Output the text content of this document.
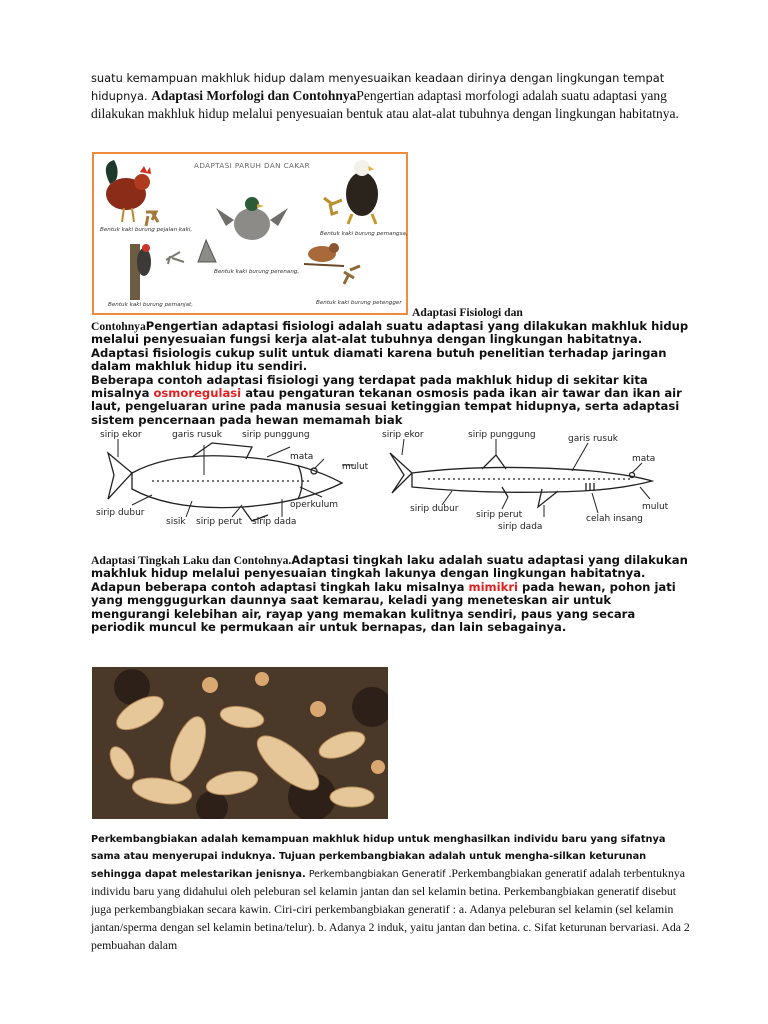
suatu kemampuan makhluk hidup dalam menyesuaikan keadaan dirinya dengan lingkungan tempat hidupnya. Adaptasi Morfologi dan ContohnyaPengertian adaptasi morfologi adalah suatu adaptasi yang dilakukan makhluk hidup melalui penyesuaian bentuk atau alat-alat tubuhnya dengan lingkungan habitatnya.
ADAPTASI PARUH DAN CAKAR
Bentuk kaki burung pejalan kaki,
Bentuk kaki burung pemangsa,
Bentuk kaki burung perenang,
Bentuk kaki burung pemanjat,	Bentuk kaki burung petengger
Adaptasi Fisiologi dan
ContohnyaPengertian adaptasi fisiologi adalah suatu adaptasi yang dilakukan makhluk hidup melalui penyesuaian fungsi kerja alat-alat tubuhnya dengan lingkungan habitatnya.
Adaptasi fisiologis cukup sulit untuk diamati karena butuh penelitian terhadap jaringan dalam makhluk hidup itu sendiri.
Beberapa contoh adaptasi fisiologi yang terdapat pada makhluk hidup di sekitar kita misalnya osmoregulasi atau pengaturan tekanan osmosis pada ikan air tawar dan ikan air laut, pengeluaran urine pada manusia sesuai ketinggian tempat hidupnya, serta adaptasi sistem pencernaan pada hewan memamah biak
garis rusuk sirip punggung
sirip ekor
mata
mulut
sirip dubur
operkulum
sisik sirip perut sirip dada
sirip ekor	sirip punggung	garis rusuk
mata
mulut
sirip dubur
sirip perut
sirip dada
celah insang
Adaptasi Tingkah Laku dan Contohnya.Adaptasi tingkah laku adalah suatu adaptasi yang dilakukan makhluk hidup melalui penyesuaian tingkah lakunya dengan lingkungan habitatnya.
Adapun beberapa contoh adaptasi tingkah laku misalnya mimikri pada hewan, pohon jati yang menggugurkan daunnya saat kemarau, keladi yang meneteskan air untuk mengurangi kelebihan air, rayap yang memakan kulitnya sendiri, paus yang secara periodik muncul ke permukaan air untuk bernapas, dan lain sebagainya.
Perkembangbiakan adalah kemampuan makhluk hidup untuk menghasilkan individu baru yang sifatnya sama atau menyerupai induknya. Tujuan perkembangbiakan adalah untuk mengha-silkan keturunan sehingga dapat melestarikan jenisnya. Perkembangbiakan Generatif .Perkembangbiakan generatif adalah terbentuknya individu baru yang didahului oleh peleburan sel kelamin jantan dan sel kelamin betina. Perkembangbiakan generatif disebut juga perkembangbiakan secara kawin. Ciri-ciri perkembangbiakan generatif : a. Adanya peleburan sel kelamin (sel kelamin jantan/sperma dengan sel kelamin betina/telur). b. Adanya 2 induk, yaitu jantan dan betina. c. Sifat keturunan bervariasi. Ada 2 pembuahan dalam
